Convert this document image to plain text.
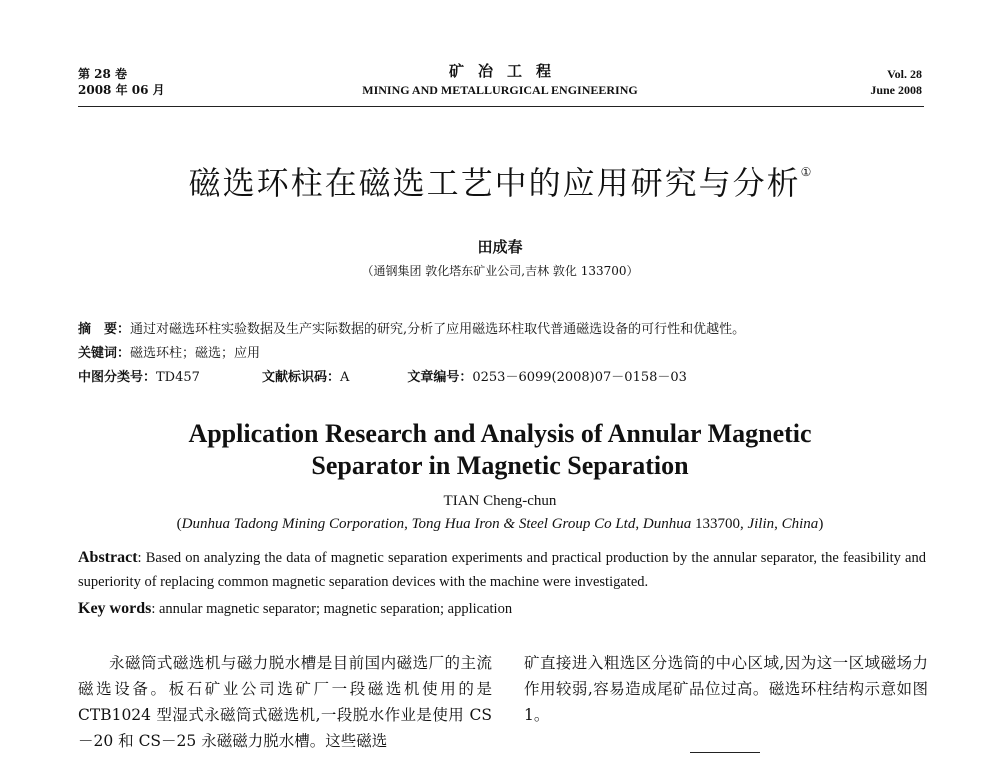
第 28 卷
2008 年 06 月
矿冶工程
MINING AND METALLURGICAL ENGINEERING
Vol. 28
June 2008
磁选环柱在磁选工艺中的应用研究与分析①
田成春
（通钢集团 敦化塔东矿业公司,吉林 敦化 133700）
摘　要：通过对磁选环柱实验数据及生产实际数据的研究,分析了应用磁选环柱取代普通磁选设备的可行性和优越性。
关键词：磁选环柱；磁选；应用
中图分类号：TD457	文献标识码：A	文章编号：0253－6099(2008)07－0158－03
Application Research and Analysis of Annular Magnetic
Separator in Magnetic Separation
TIAN Cheng-chun
(Dunhua Tadong Mining Corporation, Tong Hua Iron & Steel Group Co Ltd, Dunhua 133700, Jilin, China)
Abstract: Based on analyzing the data of magnetic separation experiments and practical production by the annular separator, the feasibility and superiority of replacing common magnetic separation devices with the machine were investigated.
Key words: annular magnetic separator; magnetic separation; application

永磁筒式磁选机与磁力脱水槽是目前国内磁选厂的主流磁选设备。板石矿业公司选矿厂一段磁选机使用的是 CTB1024 型湿式永磁筒式磁选机,一段脱水作业是使用 CS－20 和 CS－25 永磁磁力脱水槽。这些磁选

矿直接进入粗选区分选筒的中心区域,因为这一区域磁场力作用较弱,容易造成尾矿品位过高。磁选环柱结构示意如图 1。
